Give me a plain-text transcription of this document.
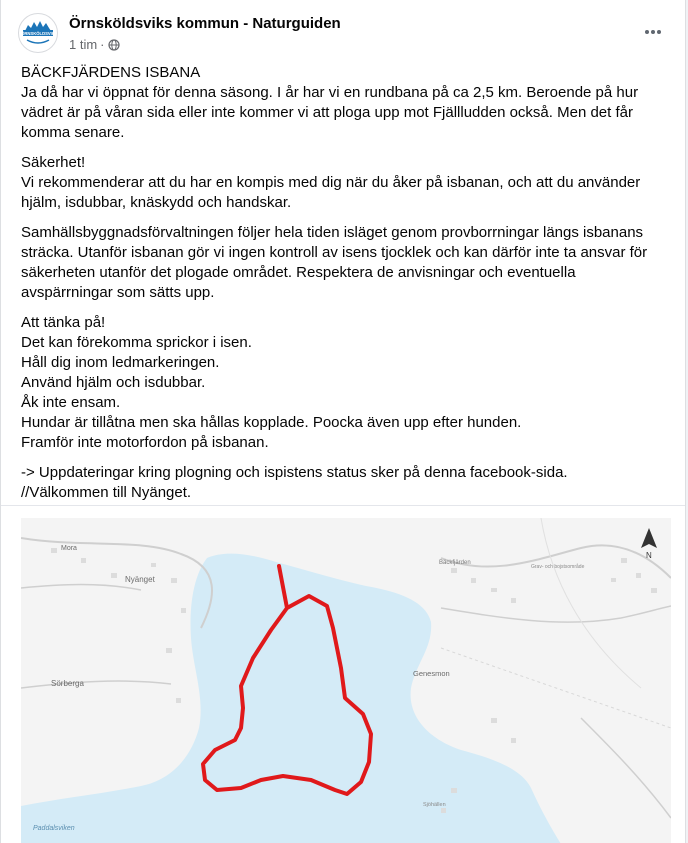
ÖRNSKÖLDSVIK
Örnsköldsviks kommun - Naturguiden
1 tim ·

BÄCKFJÄRDENS ISBANA
Ja då har vi öppnat för denna säsong. I år har vi en rundbana på ca 2,5 km. Beroende på hur vädret är på våran sida eller inte kommer vi att ploga upp mot Fjällludden också. Men det får komma senare.

Säkerhet!
Vi rekommenderar att du har en kompis med dig när du åker på isbanan, och att du använder hjälm, isdubbar, knäskydd och handskar.

Samhällsbyggnadsförvaltningen följer hela tiden isläget genom provborrningar längs isbanans sträcka. Utanför isbanan gör vi ingen kontroll av isens tjocklek och kan därför inte ta ansvar för säkerheten utanför det plogade området. Respektera de anvisningar och eventuella avspärrningar som sätts upp.

Att tänka på!
Det kan förekomma sprickor i isen.
Håll dig inom ledmarkeringen.
Använd hjälm och isdubbar.
Åk inte ensam.
Hundar är tillåtna men ska hållas kopplade. Poocka även upp efter hunden.
Framför inte motorfordon på isbanan.

-> Uppdateringar kring plogning och ispistens status sker på denna facebook-sida.
//Välkommen till Nyänget.

Mora
Nyänget
Sörberga
Genesmon
Bäckfjärden
Grav- och bojstsområde
Sjöhällen
Paddalsviken
N
